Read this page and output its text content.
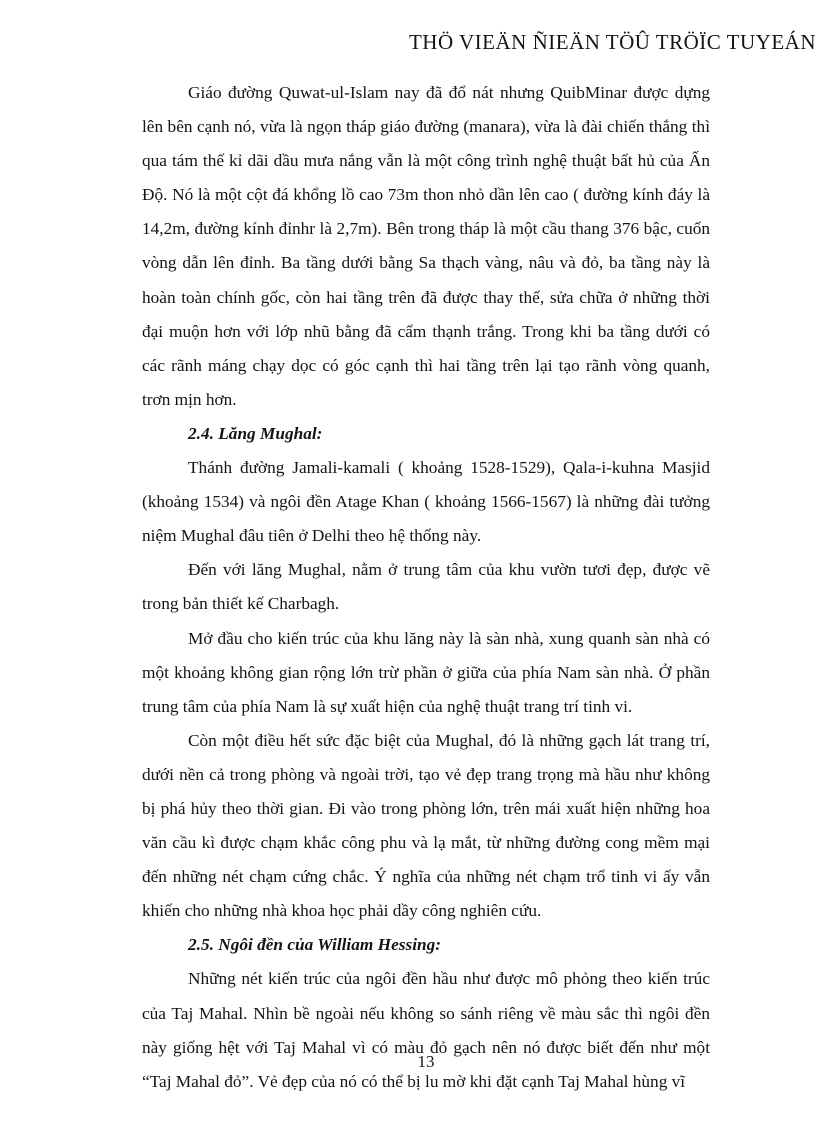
THÖ VIEÄN ÑIEÄN TÖÛ TRÖÏC TUYEÁN

Giáo đường Quwat-ul-Islam nay đã đổ nát nhưng QuibMinar được dựng lên bên cạnh nó, vừa là ngọn tháp giáo đường (manara), vừa là đài chiến thắng thì qua tám thế kỉ dãi dầu mưa nắng vẫn là một công trình nghệ thuật bất hủ của Ấn Độ. Nó là một cột đá khổng lồ cao 73m thon nhỏ dần lên cao ( đường kính đáy là 14,2m, đường kính đỉnhr là 2,7m). Bên trong tháp là một cầu thang 376 bậc, cuốn vòng dẫn lên đỉnh. Ba tầng dưới bằng Sa thạch vàng, nâu và đỏ, ba tầng này là hoàn toàn chính gốc, còn hai tầng trên đã được thay thế, sửa chữa ở những thời đại muộn hơn với lớp nhũ bằng đã cẩm thạnh trắng. Trong khi ba tầng dưới có các rãnh máng chạy dọc có góc cạnh thì hai tầng trên lại tạo rãnh vòng quanh, trơn mịn hơn.

2.4. Lăng Mughal:

Thánh đường Jamali-kamali ( khoảng 1528-1529), Qala-i-kuhna Masjid (khoảng 1534) và ngôi đền Atage Khan ( khoảng 1566-1567) là những đài tưởng niệm Mughal đâu tiên ở Delhi theo hệ thống này.

Đến với lăng Mughal, nằm ở trung tâm của khu vườn tươi đẹp, được vẽ trong bản thiết kế Charbagh.

Mở đầu cho kiến trúc của khu lăng này là sàn nhà, xung quanh sàn nhà có một khoảng không gian rộng lớn trừ phần ở giữa của phía Nam sàn nhà. Ở phần trung tâm của phía Nam là sự xuất hiện của nghệ thuật trang trí tinh vi.

Còn một điều hết sức đặc biệt của Mughal, đó là những gạch lát trang trí, dưới nền cả trong phòng và ngoài trời, tạo vẻ đẹp trang trọng mà hầu như không bị phá hủy theo thời gian. Đi vào trong phòng lớn, trên mái xuất hiện những hoa văn cầu kì được chạm khắc công phu và lạ mắt, từ những đường cong mềm mại đến những nét chạm cứng chắc. Ý nghĩa của những nét chạm trổ tinh vi ấy vẫn khiến cho những nhà khoa học phải dầy công nghiên cứu.

2.5. Ngôi đền của William Hessing:

Những nét kiến trúc của ngôi đền hầu như được mô phỏng theo kiến trúc của Taj Mahal. Nhìn bề ngoài nếu không so sánh riêng về màu sắc thì ngôi đền này giống hệt với Taj Mahal vì có màu đỏ gạch nên nó được biết đến như một “Taj Mahal đỏ”. Vẻ đẹp của nó có thể bị lu mờ khi đặt cạnh Taj Mahal hùng vĩ

13
